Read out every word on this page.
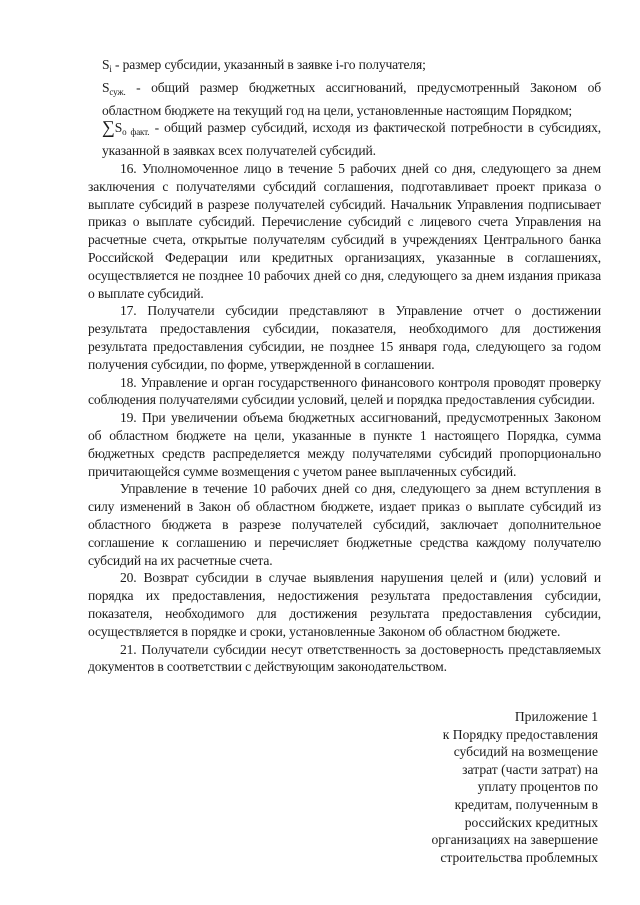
$S_i$ - размер субсидии, указанный в заявке i-го получателя;

$S_{суж.}$ - общий размер бюджетных ассигнований, предусмотренный Законом об областном бюджете на текущий год на цели, установленные настоящим Порядком;

$\sum S_{о факт.}$ - общий размер субсидий, исходя из фактической потребности в субсидиях, указанной в заявках всех получателей субсидий.

16. Уполномоченное лицо в течение 5 рабочих дней со дня, следующего за днем заключения с получателями субсидий соглашения, подготавливает проект приказа о выплате субсидий в разрезе получателей субсидий. Начальник Управления подписывает приказ о выплате субсидий. Перечисление субсидий с лицевого счета Управления на расчетные счета, открытые получателям субсидий в учреждениях Центрального банка Российской Федерации или кредитных организациях, указанные в соглашениях, осуществляется не позднее 10 рабочих дней со дня, следующего за днем издания приказа о выплате субсидий.

17. Получатели субсидии представляют в Управление отчет о достижении результата предоставления субсидии, показателя, необходимого для достижения результата предоставления субсидии, не позднее 15 января года, следующего за годом получения субсидии, по форме, утвержденной в соглашении.

18. Управление и орган государственного финансового контроля проводят проверку соблюдения получателями субсидии условий, целей и порядка предоставления субсидии.

19. При увеличении объема бюджетных ассигнований, предусмотренных Законом об областном бюджете на цели, указанные в пункте 1 настоящего Порядка, сумма бюджетных средств распределяется между получателями субсидий пропорционально причитающейся сумме возмещения с учетом ранее выплаченных субсидий.

Управление в течение 10 рабочих дней со дня, следующего за днем вступления в силу изменений в Закон об областном бюджете, издает приказ о выплате субсидий из областного бюджета в разрезе получателей субсидий, заключает дополнительное соглашение к соглашению и перечисляет бюджетные средства каждому получателю субсидий на их расчетные счета.

20. Возврат субсидии в случае выявления нарушения целей и (или) условий и порядка их предоставления, недостижения результата предоставления субсидии, показателя, необходимого для достижения результата предоставления субсидии, осуществляется в порядке и сроки, установленные Законом об областном бюджете.

21. Получатели субсидии несут ответственность за достоверность представляемых документов в соответствии с действующим законодательством.

Приложение 1
к Порядку предоставления
субсидий на возмещение
затрат (части затрат) на
уплату процентов по
кредитам, полученным в
российских кредитных
организациях на завершение
строительства проблемных
